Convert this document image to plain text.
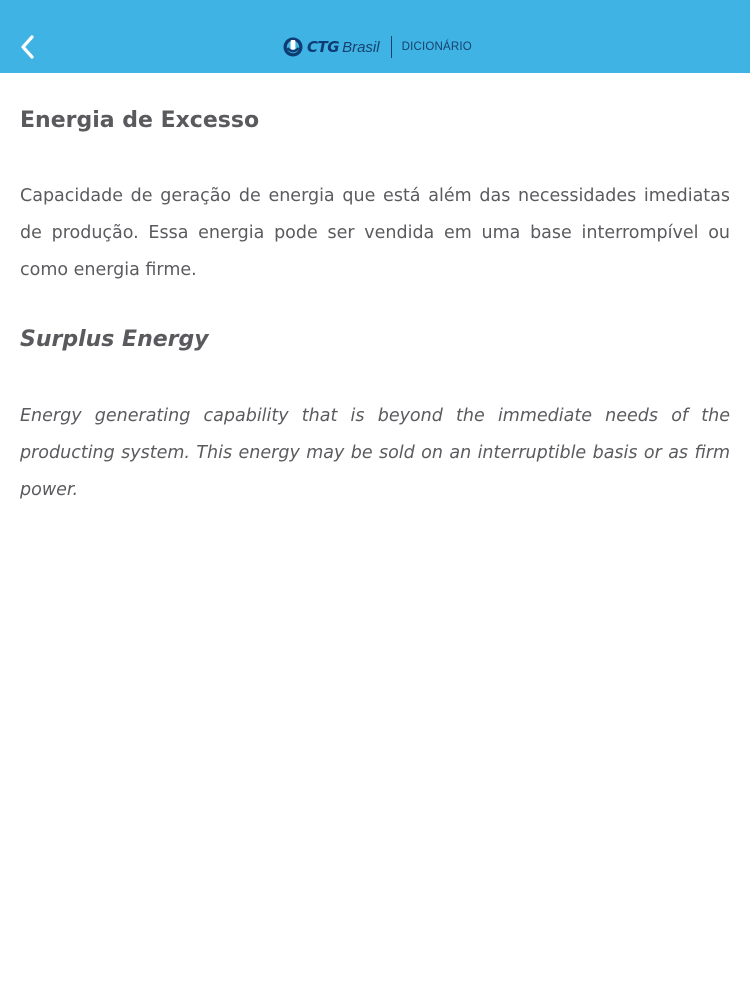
CTG Brasil DICIONÁRIO
Energia de Excesso

Capacidade de geração de energia que está além das necessidades imediatas de produção. Essa energia pode ser vendida em uma base interrompível ou como energia firme.

Surplus Energy

Energy generating capability that is beyond the immediate needs of the producting system. This energy may be sold on an interruptible basis or as firm power.
